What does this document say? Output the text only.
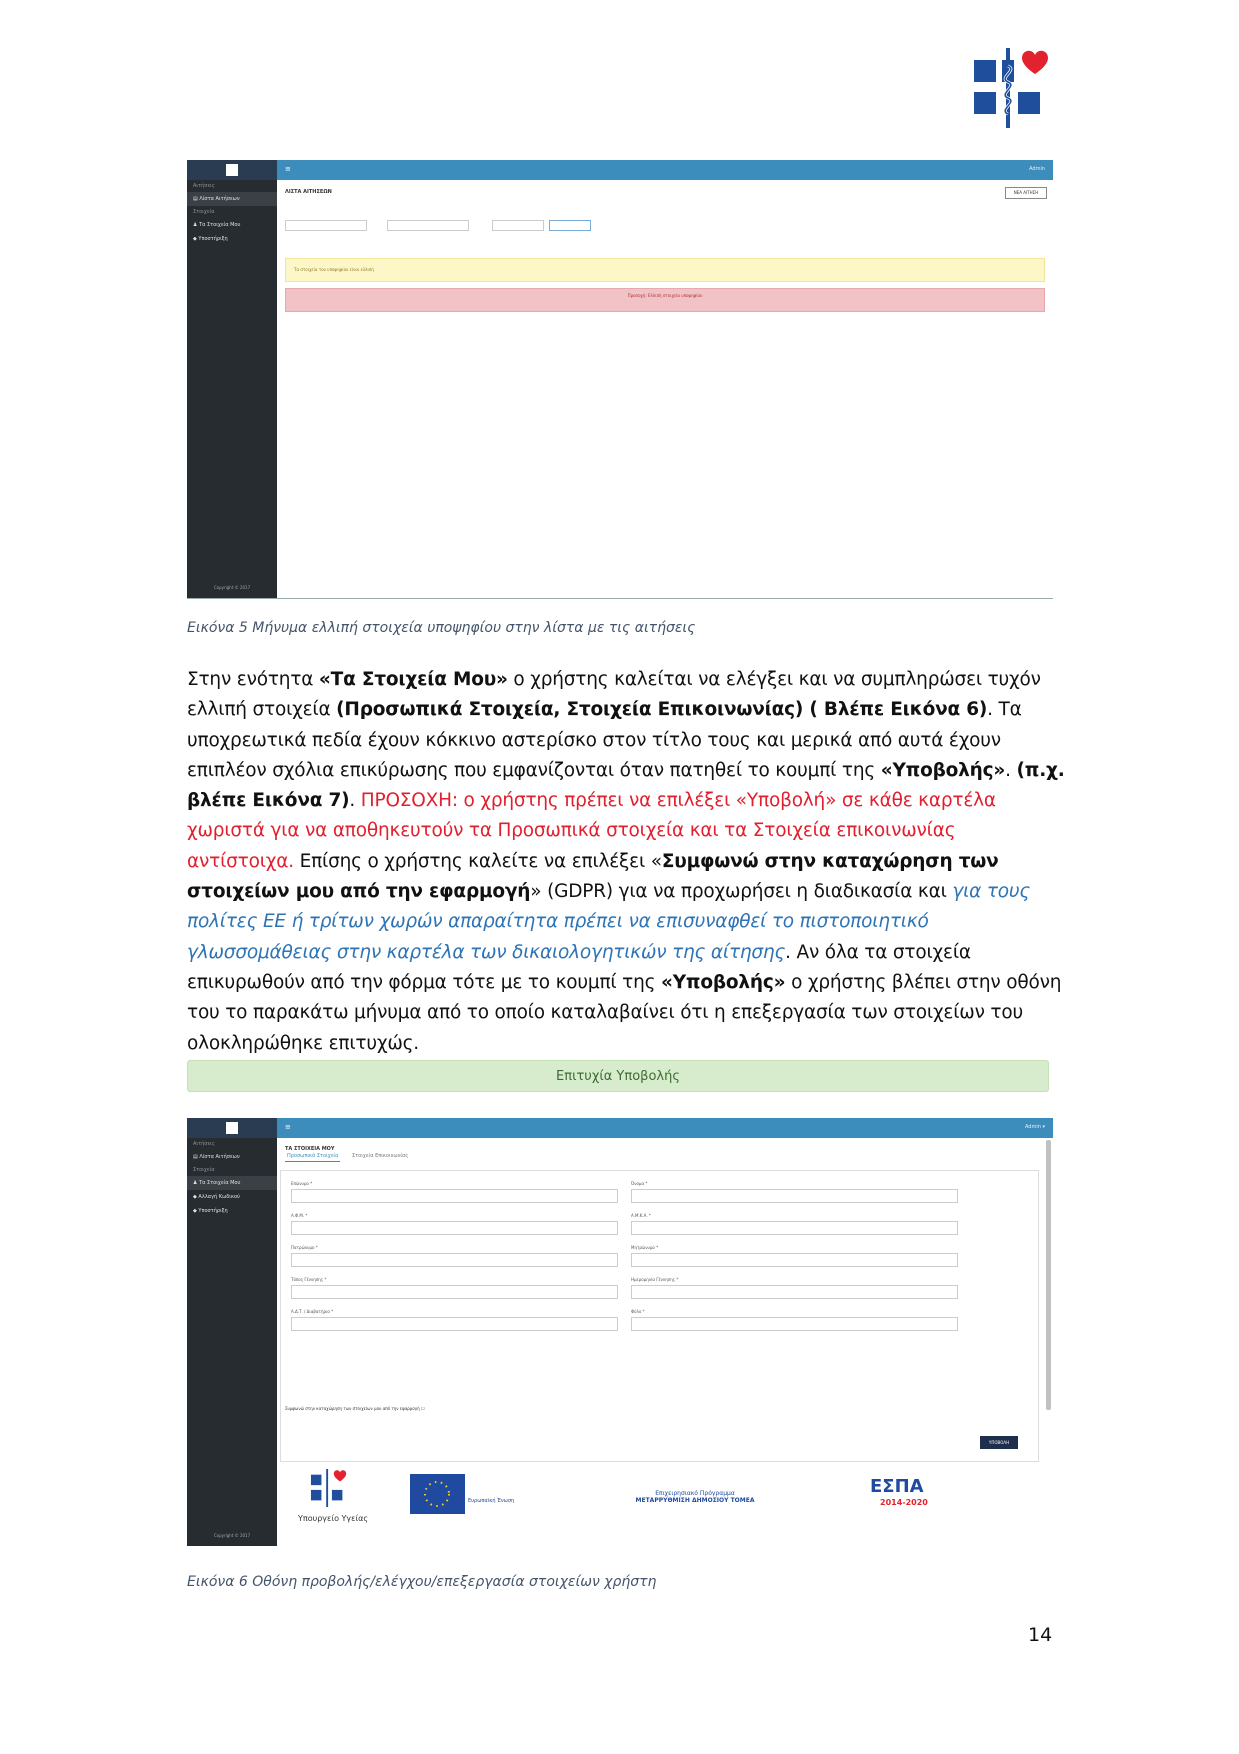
Αιτήσεις
▤ Λίστα Αιτήσεων
Στοιχεία
♟ Τα Στοιχεία Μου
◆ Υποστήριξη
Copyright © 2017
≡	Admin
ΛΙΣΤΑ ΑΙΤΗΣΕΩΝ	ΝΕΑ ΑΙΤΗΣΗ
Τα στοιχεία του υποψηφίου είναι ελλιπή
Προσοχή: Ελλιπή στοιχεία υποψηφίου
Εικόνα 5 Μήνυμα ελλιπή στοιχεία υποψηφίου στην λίστα με τις αιτήσεις
Στην ενότητα «Τα Στοιχεία Μου» ο χρήστης καλείται να ελέγξει και να συμπληρώσει τυχόν ελλιπή στοιχεία (Προσωπικά Στοιχεία, Στοιχεία Επικοινωνίας) ( Βλέπε Εικόνα 6). Τα υποχρεωτικά πεδία έχουν κόκκινο αστερίσκο στον τίτλο τους και μερικά από αυτά έχουν επιπλέον σχόλια επικύρωσης που εμφανίζονται όταν πατηθεί το κουμπί της «Υποβολής». (π.χ. βλέπε Εικόνα 7). ΠΡΟΣΟΧΗ: ο χρήστης πρέπει να επιλέξει «Υποβολή» σε κάθε καρτέλα χωριστά για να αποθηκευτούν τα Προσωπικά στοιχεία και τα Στοιχεία επικοινωνίας αντίστοιχα. Επίσης ο χρήστης καλείτε να επιλέξει «Συμφωνώ στην καταχώρηση των στοιχείων μου από την εφαρμογή» (GDPR) για να προχωρήσει η διαδικασία και για τους πολίτες ΕΕ ή τρίτων χωρών απαραίτητα πρέπει να επισυναφθεί το πιστοποιητικό γλωσσομάθειας στην καρτέλα των δικαιολογητικών της αίτησης. Αν όλα τα στοιχεία επικυρωθούν από την φόρμα τότε με το κουμπί της «Υποβολής» ο χρήστης βλέπει στην οθόνη του το παρακάτω μήνυμα από το οποίο καταλαβαίνει ότι η επεξεργασία των στοιχείων του ολοκληρώθηκε επιτυχώς.
Επιτυχία Υποβολής
Αιτήσεις
▤ Λίστα Αιτήσεων
Στοιχεία
♟ Τα Στοιχεία Μου
◆ Αλλαγή Κωδικού
◆ Υποστήριξη
Copyright © 2017
≡	Admin ▾
ΤΑ ΣΤΟΙΧΕΙΑ ΜΟΥ
Προσωπικά Στοιχεία	Στοιχεία Επικοινωνίας
Επώνυμο *	Όνομα *
Α.Φ.Μ. *	Α.Μ.Κ.Α. *
Πατρώνυμο *	Μητρώνυμο *
Τόπος Γέννησης *	Ημερομηνία Γέννησης *
Α.Δ.Τ. / Διαβατήριο *	Φύλο *
ΥΠΟΒΟΛΗ
Συμφωνώ στην καταχώρηση των στοιχείων μου από την εφαρμογή ☐
Υπουργείο Υγείας
Ευρωπαϊκή Ένωση
Επιχειρησιακό Πρόγραμμα
ΜΕΤΑΡΡΥΘΜΙΣΗ ΔΗΜΟΣΙΟΥ ΤΟΜΕΑ
ΕΣΠΑ
2014-2020
Εικόνα 6 Οθόνη προβολής/ελέγχου/επεξεργασία στοιχείων χρήστη
14
